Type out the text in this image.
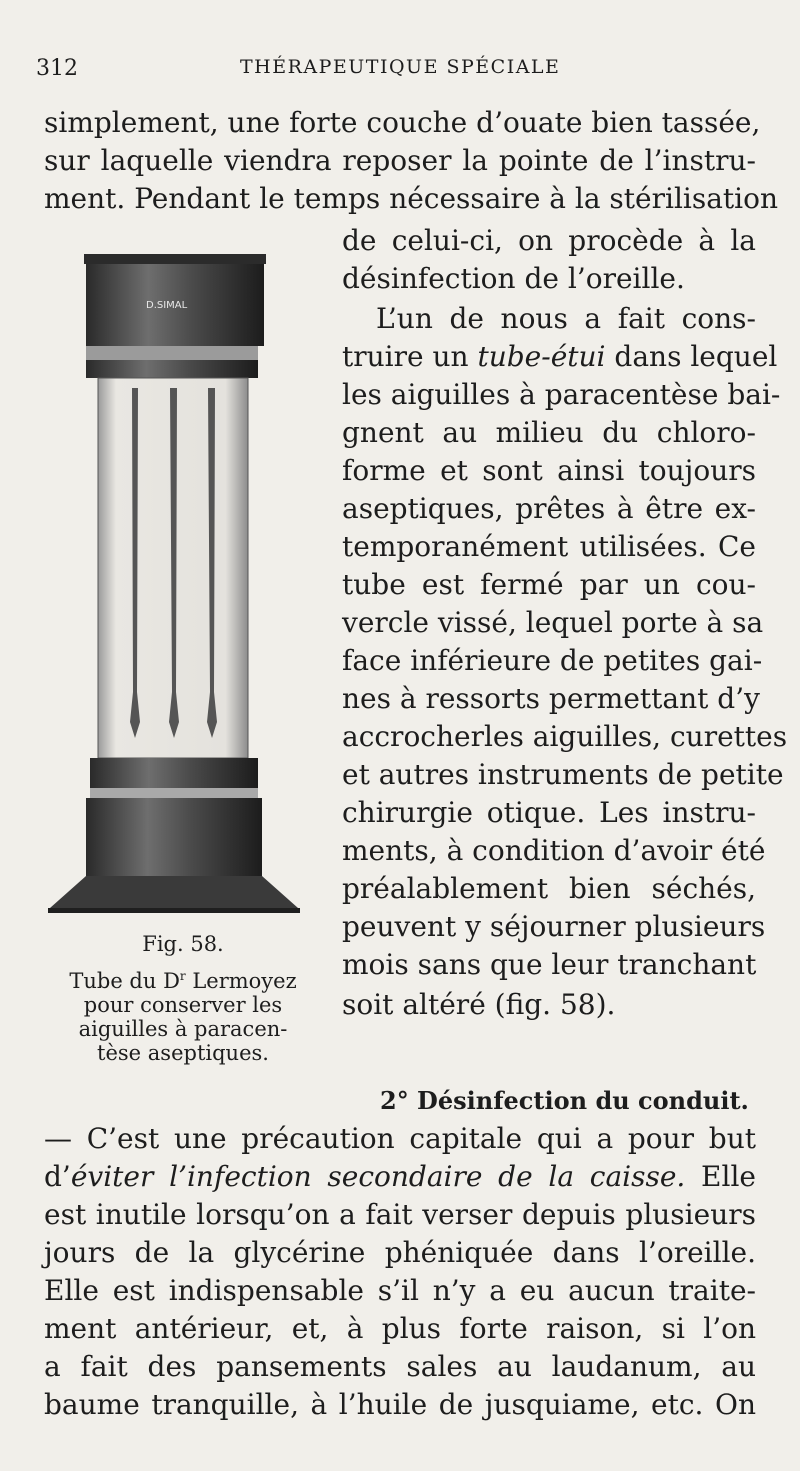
312	THÉRAPEUTIQUE SPÉCIALE
simplement, une forte couche d’ouate bien tassée,
sur laquelle viendra reposer la pointe de l’instru-
ment. Pendant le temps nécessaire à la stérilisation
D.SIMAL
de celui-ci, on procède à la
désinfection de l’oreille.
L’un de nous a fait cons-
truire un tube-étui dans lequel
les aiguilles à paracentèse bai-
gnent au milieu du chloro-
forme et sont ainsi toujours
aseptiques, prêtes à être ex-
temporanément utilisées. Ce
tube est fermé par un cou-
vercle vissé, lequel porte à sa
face inférieure de petites gai-
nes à ressorts permettant d’y
accrocherles aiguilles, curettes
et autres instruments de petite
chirurgie otique. Les instru-
ments, à condition d’avoir été
préalablement bien séchés,
peuvent y séjourner plusieurs
mois sans que leur tranchant
soit altéré (fig. 58).
Fig. 58.
Tube du $D^r$ Lermoyez
pour conserver les
aiguilles à paracen-
tèse aseptiques.
2° Désinfection du conduit.
— C’est une précaution capitale qui a pour but
d’éviter l’infection secondaire de la caisse. Elle
est inutile lorsqu’on a fait verser depuis plusieurs
jours de la glycérine phéniquée dans l’oreille.
Elle est indispensable s’il n’y a eu aucun traite-
ment antérieur, et, à plus forte raison, si l’on
a fait des pansements sales au laudanum, au
baume tranquille, à l’huile de jusquiame, etc. On
